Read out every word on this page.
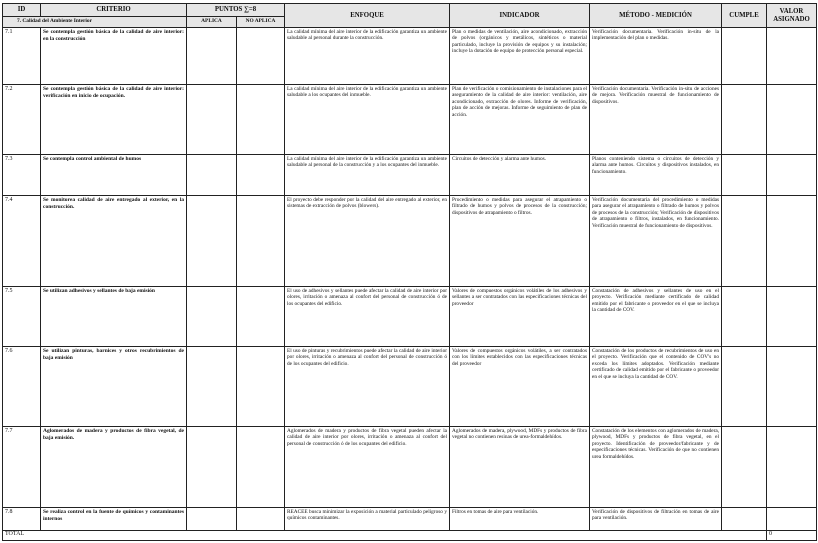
ID	CRITERIO	PUNTOS ∑=8		ENFOQUE	INDICADOR	MÉTODO - MEDICIÓN	CUMPLE	VALOR ASIGNADO
7. Calidad del Ambiente Interior		APLICA	NO APLICA					
7.1	Se contempla gestión básica de la calidad de aire interior: en la construcción			La calidad mínima del aire interior de la edificación garantiza un ambiente saludable al personal durante la construcción.	Plan o medidas de ventilación, aire acondicionado, extracción de polvos (orgánicos y metálicos, sintéticos o material particulado, incluye la provisión de equipos y su instalación; incluye la dotación de equipo de protección personal especial.	Verificación documentaria. Verificación in-situ de la implementación del plan o medidas.		
7.2	Se contempla gestión básica de la calidad de aire interior: verificación en inicio de ocupación.			La calidad mínima del aire interior de la edificación garantiza un ambiente saludable a los ocupantes del inmueble.	Plan de verificación o comisionamiento de instalaciones para el aseguramiento de la calidad de aire interior: ventilación, aire acondicionado, extracción de olores. Informe de verificación, plan de acción de mejoras. Informe de seguimiento de plan de acción.	Verificación documentaria. Verificación in-situ de acciones de mejora. Verificación muestral de funcionamiento de dispositivos.		
7.3	Se contempla control ambiental de humos			La calidad mínima del aire interior de la edificación garantiza un ambiente saludable al personal de la construcción y a los ocupantes del inmueble.	Circuitos de detección y alarma ante humos.	Planos conteniendo sistema o circuitos de detección y alarma ante humos. Circuitos y dispositivos instalados, en funcionamiento.		
7.4	Se monitorea calidad de aire entregado al exterior, en la construcción.			El proyecto debe responder por la calidad del aire entregado al exterior, en sistemas de extracción de polvos (blowers).	Procedimiento o medidas para asegurar el atrapamiento o filtrado de humos y polvos de procesos de la construcción; dispositivos de atrapamiento o filtros.	Verificación documentaria del procedimiento o medidas para asegurar el atrapamiento o filtrado de humos y polvos de procesos de la construcción; Verificación de dispositivos de atrapamiento o filtros, instalados, en funcionamiento. Verificación muestral de funcionamiento de dispositivos.		
7.5	Se utilizan adhesivos y sellantes de baja emisión			El uso de adhesivos y sellantes puede afectar la calidad de aire interior por olores, irritación o amenaza al confort del personal de construcción ó de los ocupantes del edificio.	Valores de compuestos orgánicos volátiles de los adhesivos y sellantes a ser contratados con las especificaciones técnicas del proveedor	Constatación de adhesivos y sellantes de uso en el proyecto. Verificación mediante certificado de calidad emitido por el fabricante o proveedor en el que se incluya la cantidad de COV.		
7.6	Se utilizan pinturas, barnices y otros recubrimientos de baja emisión			El uso de pinturas y recubrimientos puede afectar la calidad de aire interior por olores, irritación o amenaza al confort del personal de construcción ó de los ocupantes del edificio.	Valores de compuestos orgánicos volátiles, a ser contratados con los límites establecidos con las especificaciones técnicas del proveedor	Constatación de los productos de recubrimientos de uso en el proyecto. Verificación que el contenido de COV's no exceda los límites adoptados. Verificación mediante certificado de calidad emitido por el fabricante o proveedor en el que se incluya la cantidad de COV.		
7.7	Aglomerados de madera y productos de fibra vegetal, de baja emisión.			Aglomerados de madera y productos de fibra vegetal pueden afectar la calidad de aire interior por olores, irritación o amenaza al confort del personal de construcción ó de los ocupantes del edificio.	Aglomerados de madera, plywood, MDFs y productos de fibra vegetal no contienen resinas de urea-formaldehídos.	Constatación de los elementos con aglomerados de madera, plywood, MDFs y productos de fibra vegetal, en el proyecto. Identificación de proveedor/fabricante y de especificaciones técnicas. Verificación de que no contienen urea formaldehídos.		
7.8	Se realiza control en la fuente de químicos y contaminantes internos			REACEE busca minimizar la exposición a material particulado peligroso y químicos contaminantes.	Filtros en tomas de aire para ventilación.	Verificación de dispositivos de filtración en tomas de aire para ventilación.		
TOTAL								0
